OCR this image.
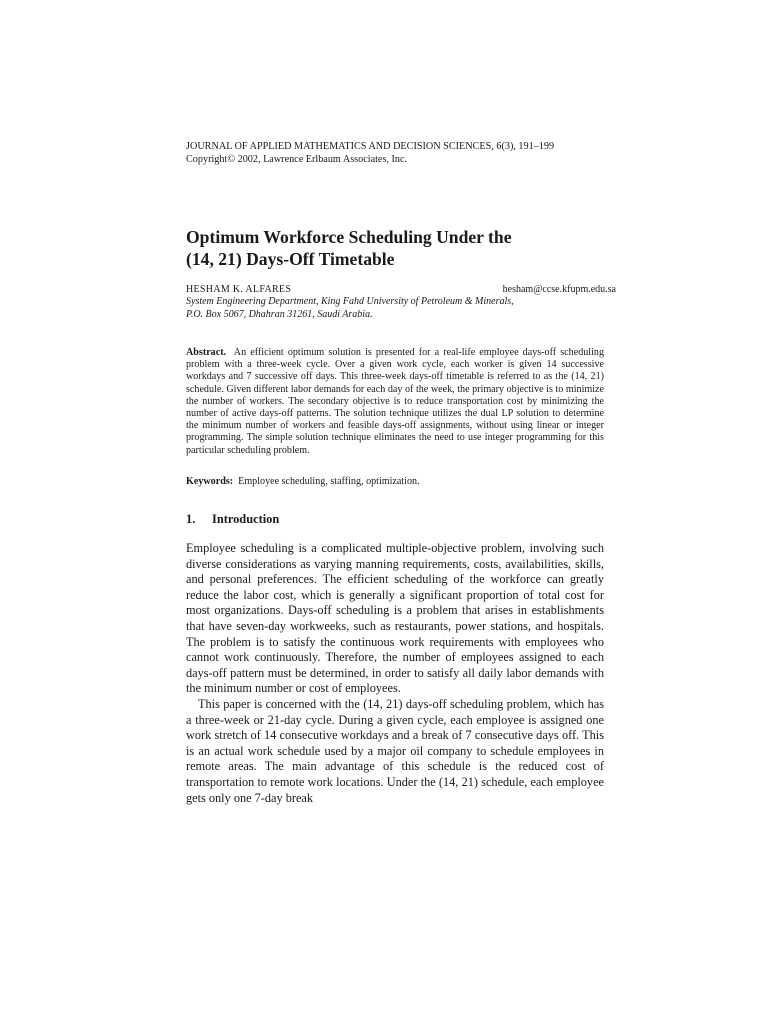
JOURNAL OF APPLIED MATHEMATICS AND DECISION SCIENCES, 6(3), 191–199
Copyright© 2002, Lawrence Erlbaum Associates, Inc.
Optimum Workforce Scheduling Under the
(14, 21) Days-Off Timetable
HESHAM K. ALFARES	hesham@ccse.kfupm.edu.sa
System Engineering Department, King Fahd University of Petroleum & Minerals,
P.O. Box 5067, Dhahran 31261, Saudi Arabia.

Abstract. An efficient optimum solution is presented for a real-life employee days-off scheduling problem with a three-week cycle. Over a given work cycle, each worker is given 14 successive workdays and 7 successive off days. This three-week days-off timetable is referred to as the (14, 21) schedule. Given different labor demands for each day of the week, the primary objective is to minimize the number of workers. The secondary objective is to reduce transportation cost by minimizing the number of active days-off patterns. The solution technique utilizes the dual LP solution to determine the minimum number of workers and feasible days-off assignments, without using linear or integer programming. The simple solution technique eliminates the need to use integer programming for this particular scheduling problem.

Keywords: Employee scheduling, staffing, optimization.
1. Introduction

Employee scheduling is a complicated multiple-objective problem, involving such diverse considerations as varying manning requirements, costs, availabilities, skills, and personal preferences. The efficient scheduling of the workforce can greatly reduce the labor cost, which is generally a significant proportion of total cost for most organizations. Days-off scheduling is a problem that arises in establishments that have seven-day workweeks, such as restaurants, power stations, and hospitals. The problem is to satisfy the continuous work requirements with employees who cannot work continuously. Therefore, the number of employees assigned to each days-off pattern must be determined, in order to satisfy all daily labor demands with the minimum number or cost of employees.

This paper is concerned with the (14, 21) days-off scheduling problem, which has a three-week or 21-day cycle. During a given cycle, each employee is assigned one work stretch of 14 consecutive workdays and a break of 7 consecutive days off. This is an actual work schedule used by a major oil company to schedule employees in remote areas. The main advantage of this schedule is the reduced cost of transportation to remote work locations. Under the (14, 21) schedule, each employee gets only one 7-day break
